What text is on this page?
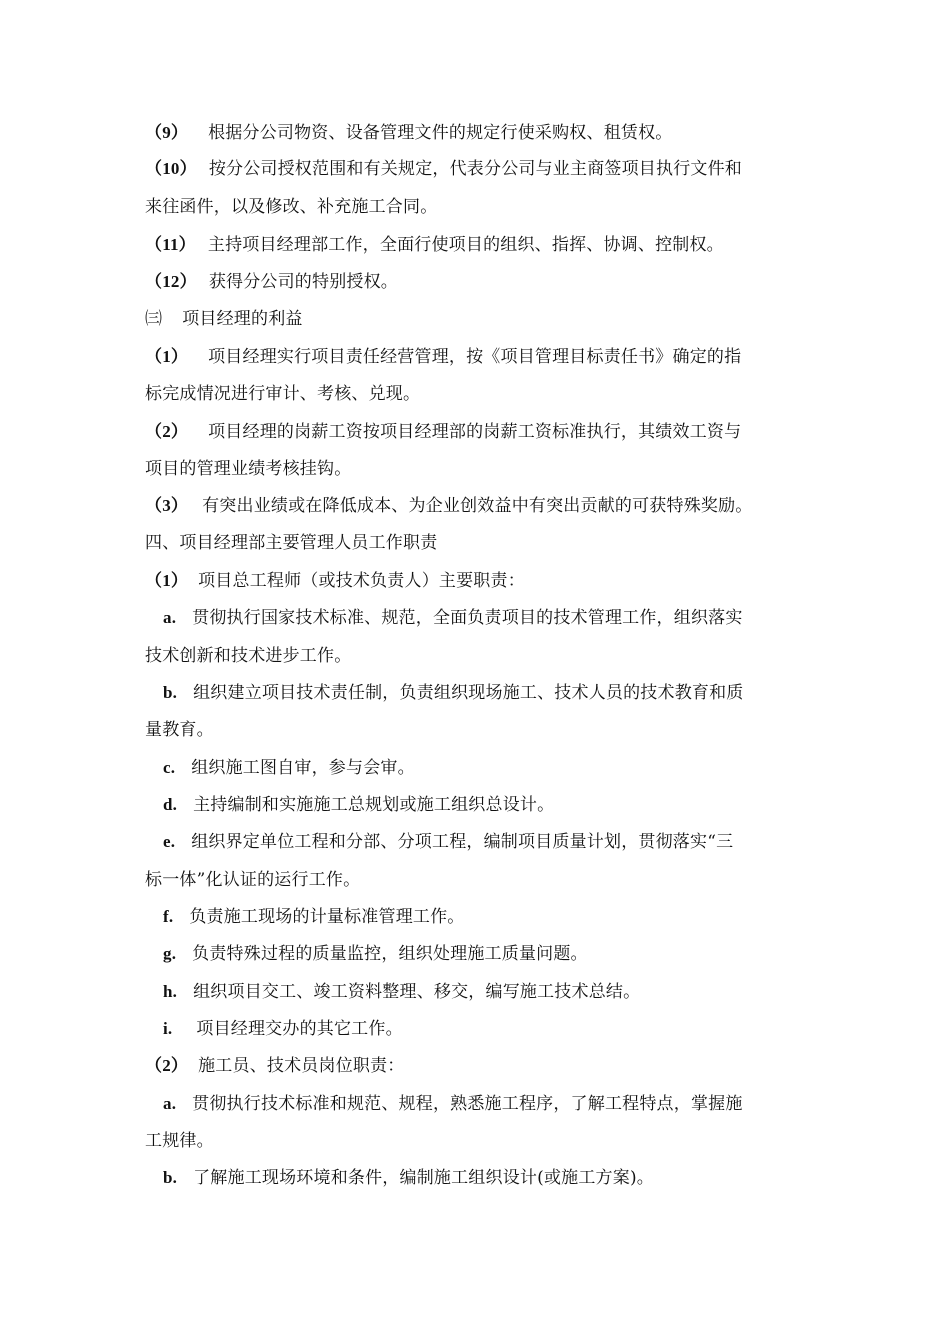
（9） 根据分公司物资、设备管理文件的规定行使采购权、租赁权。
（10） 按分公司授权范围和有关规定，代表分公司与业主商签项目执行文件和
来往函件，以及修改、补充施工合同。
（11） 主持项目经理部工作，全面行使项目的组织、指挥、协调、控制权。
（12） 获得分公司的特别授权。
㈢ 项目经理的利益
（1） 项目经理实行项目责任经营管理，按《项目管理目标责任书》确定的指
标完成情况进行审计、考核、兑现。
（2） 项目经理的岗薪工资按项目经理部的岗薪工资标准执行，其绩效工资与
项目的管理业绩考核挂钩。
（3） 有突出业绩或在降低成本、为企业创效益中有突出贡献的可获特殊奖励。
四、项目经理部主要管理人员工作职责
（1） 项目总工程师（或技术负责人）主要职责：
a. 贯彻执行国家技术标准、规范，全面负责项目的技术管理工作，组织落实
技术创新和技术进步工作。
b. 组织建立项目技术责任制，负责组织现场施工、技术人员的技术教育和质
量教育。
c. 组织施工图自审，参与会审。
d. 主持编制和实施施工总规划或施工组织总设计。
e. 组织界定单位工程和分部、分项工程，编制项目质量计划，贯彻落实“三
标一体”化认证的运行工作。
f. 负责施工现场的计量标准管理工作。
g. 负责特殊过程的质量监控，组织处理施工质量问题。
h. 组织项目交工、竣工资料整理、移交，编写施工技术总结。
i. 项目经理交办的其它工作。
（2） 施工员、技术员岗位职责：
a. 贯彻执行技术标准和规范、规程，熟悉施工程序，了解工程特点，掌握施
工规律。
b. 了解施工现场环境和条件，编制施工组织设计(或施工方案)。
